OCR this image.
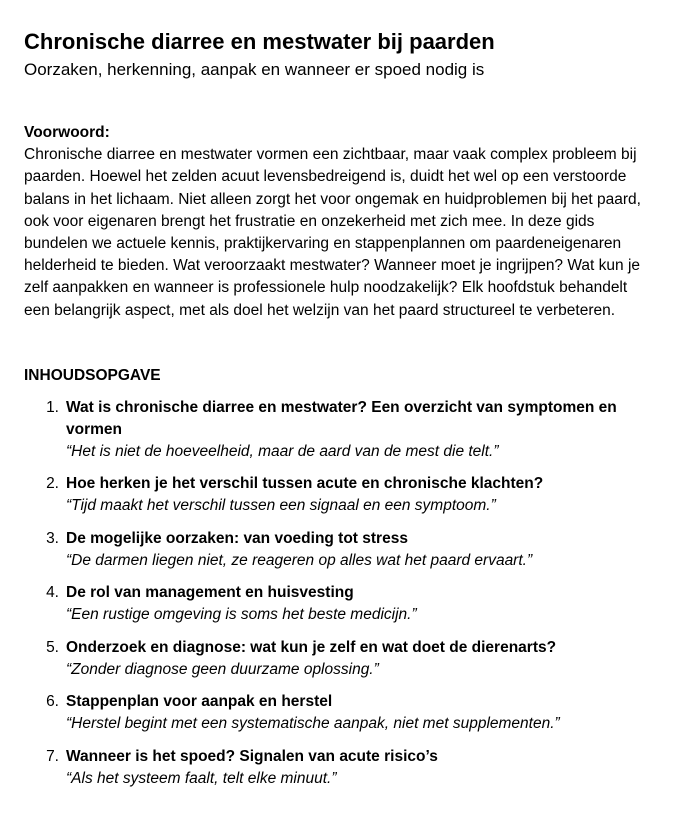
Chronische diarree en mestwater bij paarden

Oorzaken, herkenning, aanpak en wanneer er spoed nodig is

Voorwoord:
Chronische diarree en mestwater vormen een zichtbaar, maar vaak complex probleem bij paarden. Hoewel het zelden acuut levensbedreigend is, duidt het wel op een verstoorde balans in het lichaam. Niet alleen zorgt het voor ongemak en huidproblemen bij het paard, ook voor eigenaren brengt het frustratie en onzekerheid met zich mee. In deze gids bundelen we actuele kennis, praktijkervaring en stappenplannen om paardeneigenaren helderheid te bieden. Wat veroorzaakt mestwater? Wanneer moet je ingrijpen? Wat kun je zelf aanpakken en wanneer is professionele hulp noodzakelijk? Elk hoofdstuk behandelt een belangrijk aspect, met als doel het welzijn van het paard structureel te verbeteren.
INHOUDSOPGAVE
1. Wat is chronische diarree en mestwater? Een overzicht van symptomen en vormen
“Het is niet de hoeveelheid, maar de aard van de mest die telt.”
2. Hoe herken je het verschil tussen acute en chronische klachten?
“Tijd maakt het verschil tussen een signaal en een symptoom.”
3. De mogelijke oorzaken: van voeding tot stress
“De darmen liegen niet, ze reageren op alles wat het paard ervaart.”
4. De rol van management en huisvesting
“Een rustige omgeving is soms het beste medicijn.”
5. Onderzoek en diagnose: wat kun je zelf en wat doet de dierenarts?
“Zonder diagnose geen duurzame oplossing.”
6. Stappenplan voor aanpak en herstel
“Herstel begint met een systematische aanpak, niet met supplementen.”
7. Wanneer is het spoed? Signalen van acute risico’s
“Als het systeem faalt, telt elke minuut.”
